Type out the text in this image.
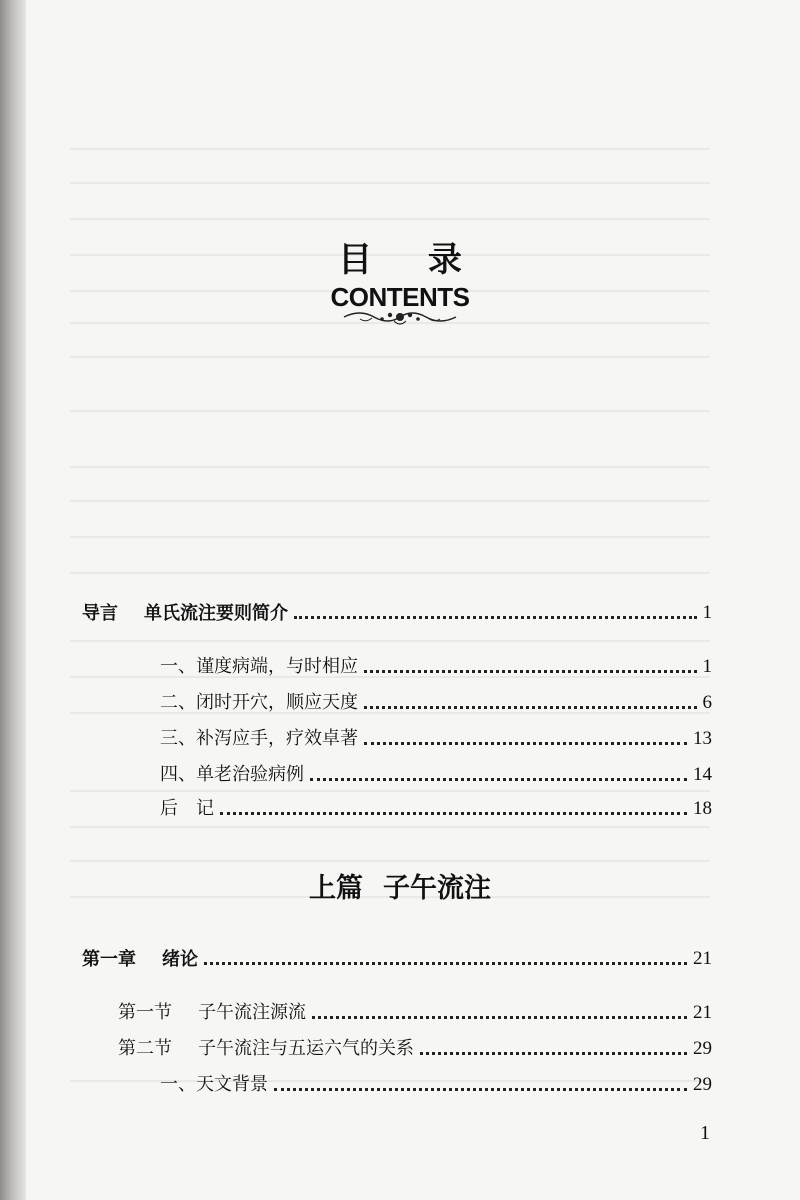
目 录
CONTENTS
导言 单氏流注要则简介	1
一、谨度病端，与时相应	1
二、闭时开穴，顺应天度	6
三、补泻应手，疗效卓著	13
四、单老治验病例	14
后　记	18
上篇 子午流注
第一章 绪论	21
第一节 子午流注源流	21
第二节 子午流注与五运六气的关系	29
一、天文背景	29
1
